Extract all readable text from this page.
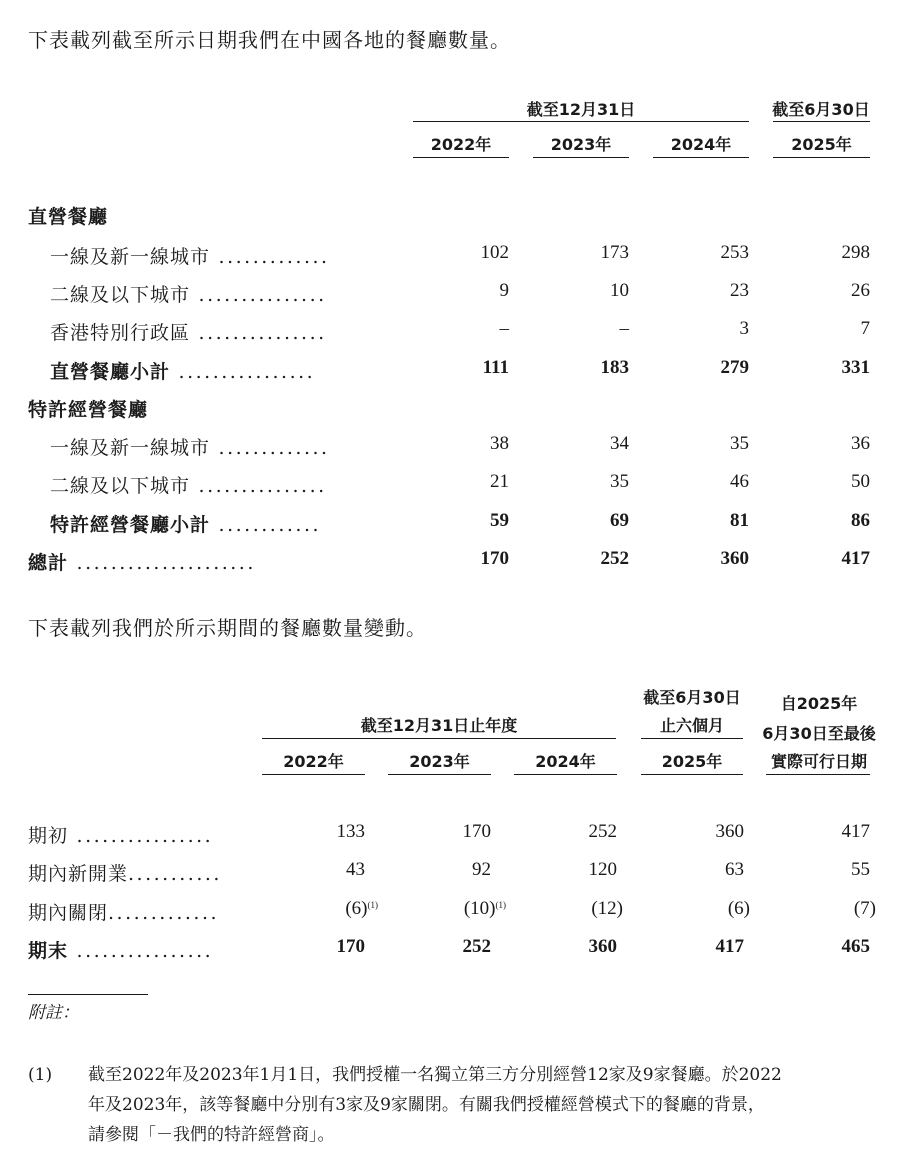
下表載列截至所示日期我們在中國各地的餐廳數量。
截至12月31日	截至6月30日
2022年	2023年	2024年	2025年
直營餐廳
一線及新一線城市 .............	102	173	253	298
二線及以下城市 ...............	9	10	23	26
香港特別行政區 ...............	–	–	3	7
直營餐廳小計 ................	111	183	279	331
特許經營餐廳
一線及新一線城市 .............	38	34	35	36
二線及以下城市 ...............	21	35	46	50
特許經營餐廳小計 ............	59	69	81	86
總計 .....................	170	252	360	417
下表載列我們於所示期間的餐廳數量變動。
截至12月31日止年度
截至6月30日
止六個月
自2025年
6月30日至最後
實際可行日期
2022年	2023年	2024年	2025年
期初 ................	133	170	252	360	417
期內新開業...........	43	92	120	63	55
期內關閉.............	$(6)^{(1)}$	$(10)^{(1)}$	(12)	(6)	(7)
期末 ................	170	252	360	417	465
附註：
(1) 截至2022年及2023年1月1日，我們授權一名獨立第三方分別經營12家及9家餐廳。於2022
年及2023年，該等餐廳中分別有3家及9家關閉。有關我們授權經營模式下的餐廳的背景，
請參閱「－我們的特許經營商」。
